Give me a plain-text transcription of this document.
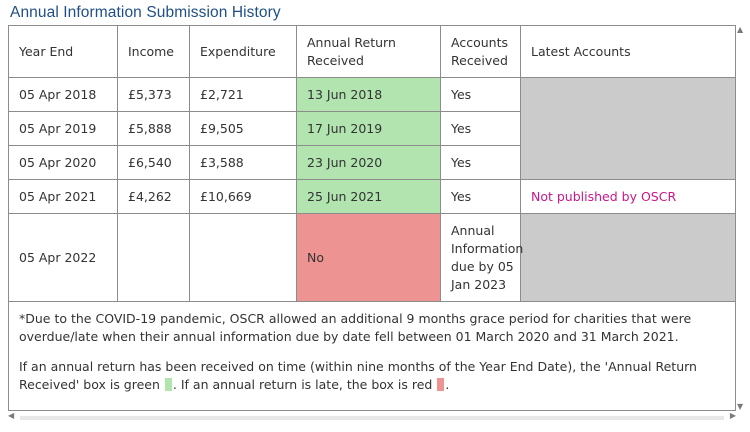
Annual Information Submission History
Year End	Income	Expenditure	Annual Return Received	Accounts Received	Latest Accounts
05 Apr 2018	£5,373	£2,721	13 Jun 2018	Yes	
05 Apr 2019	£5,888	£9,505	17 Jun 2019	Yes	
05 Apr 2020	£6,540	£3,588	23 Jun 2020	Yes	
05 Apr 2021	£4,262	£10,669	25 Jun 2021	Yes	Not published by OSCR
05 Apr 2022			No	Annual Information due by 05 Jan 2023	

*Due to the COVID-19 pandemic, OSCR allowed an additional 9 months grace period for charities that were overdue/late when their annual information due by date fell between 01 March 2020 and 31 March 2021.

If an annual return has been received on time (within nine months of the Year End Date), the 'Annual Return Received' box is green . If an annual return is late, the box is red .					

▲
▼
◀	▶
